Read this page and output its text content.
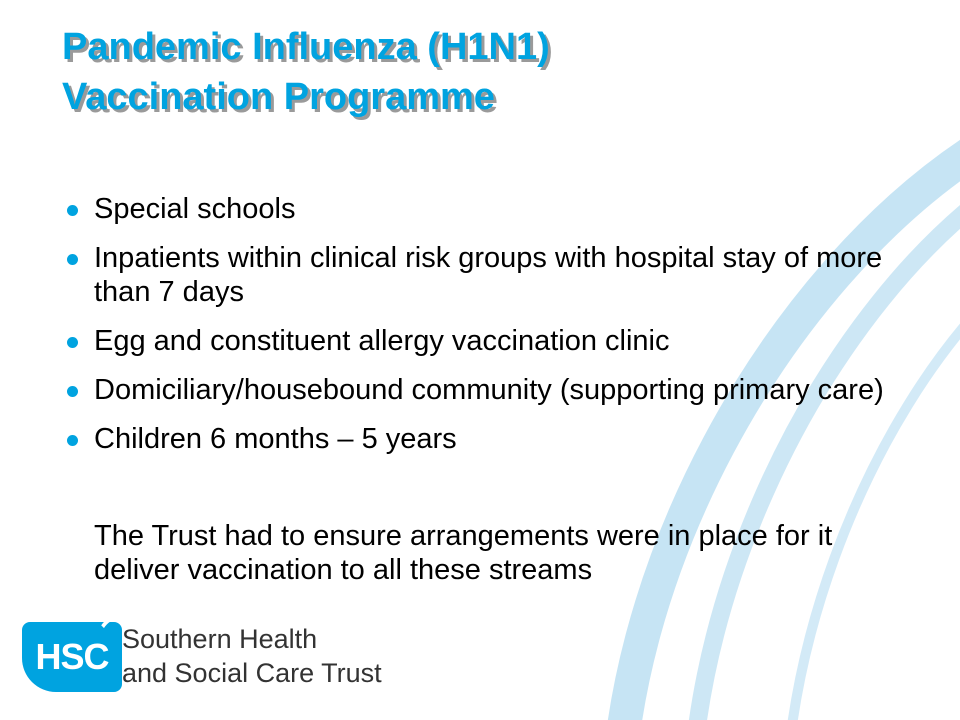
Pandemic Influenza (H1N1)
Vaccination Programme
Special schools
Inpatients within clinical risk groups with hospital stay of more than 7 days
Egg and constituent allergy vaccination clinic
Domiciliary/housebound community (supporting primary care)
Children 6 months – 5 years

The Trust had to ensure arrangements were in place for it deliver vaccination to all these streams

HSC Southern Health
and Social Care Trust
